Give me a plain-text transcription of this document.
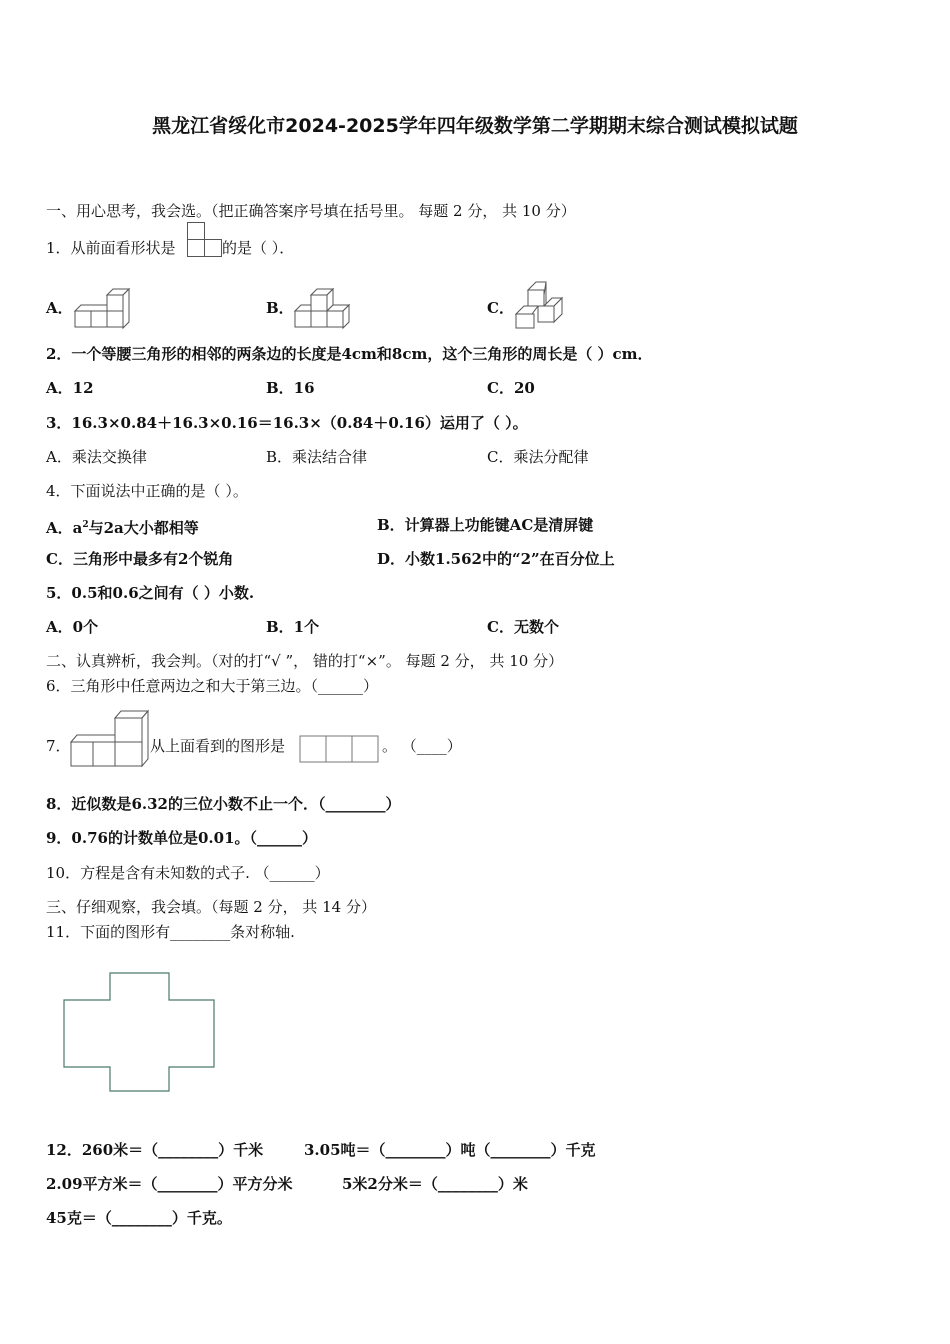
黑龙江省绥化市2024-2025学年四年级数学第二学期期末综合测试模拟试题
一、用心思考，我会选。（把正确答案序号填在括号里。 每题 2 分， 共 10 分）
1．从前面看形状是	的是（ ）．
A．	B．	C．
2．一个等腰三角形的相邻的两条边的长度是4cm和8cm，这个三角形的周长是（ ）cm．
A．12	B．16	C．20
3．16.3×0.84＋16.3×0.16＝16.3×（0.84＋0.16）运用了（ ）。
A．乘法交换律	B．乘法结合律	C．乘法分配律
4．下面说法中正确的是（ ）。
A．$a^2$与2a大小都相等	B．计算器上功能键AC是清屏键
C．三角形中最多有2个锐角	D．小数1.562中的“2”在百分位上
5．0.5和0.6之间有（ ）小数.
A．0个	B．1个	C．无数个
二、认真辨析，我会判。（对的打“√ ”， 错的打“×”。 每题 2 分， 共 10 分）
6．三角形中任意两边之和大于第三边。（______）
7．	从上面看到的图形是	。 （____）
8．近似数是6.32的三位小数不止一个．（________）
9．0.76的计数单位是0.01。（______）
10．方程是含有未知数的式子. （______）
三、仔细观察，我会填。（每题 2 分， 共 14 分）
11．下面的图形有________条对称轴.
12．260米＝（________）千米	3.05吨＝（________）吨（________）千克
2.09平方米＝（________）平方分米	5米2分米＝（________）米
45克＝（________）千克。
